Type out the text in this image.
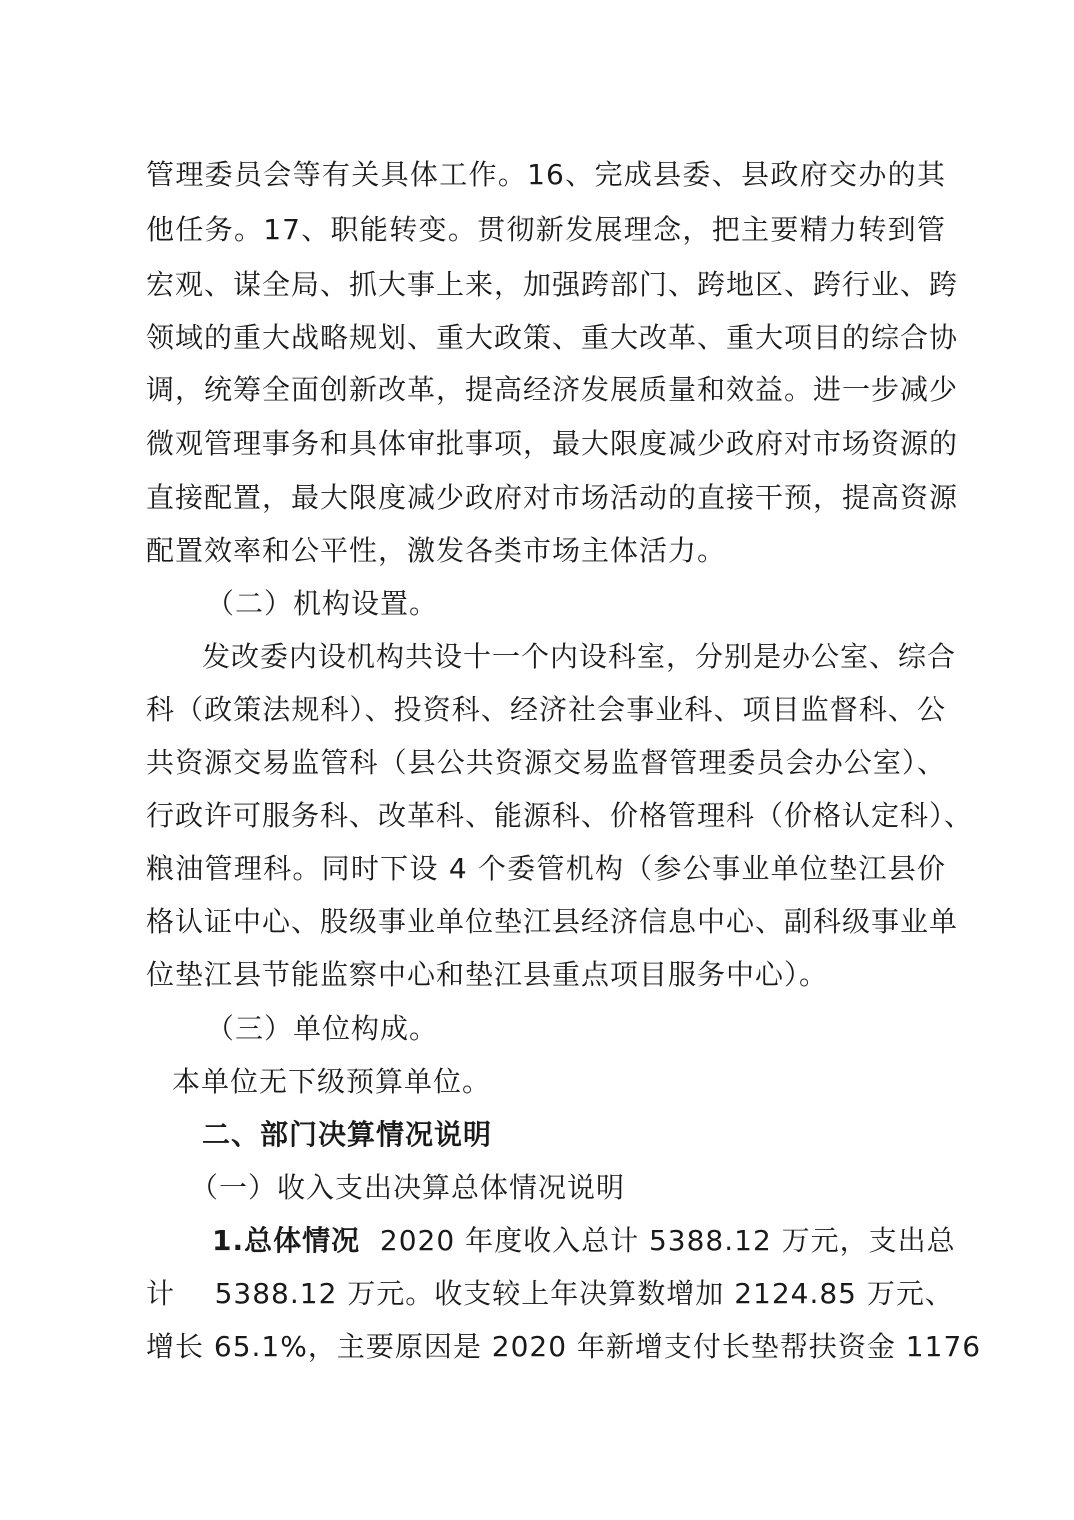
管理委员会等有关具体工作。16、完成县委、县政府交办的其
他任务。17、职能转变。贯彻新发展理念，把主要精力转到管
宏观、谋全局、抓大事上来，加强跨部门、跨地区、跨行业、跨
领域的重大战略规划、重大政策、重大改革、重大项目的综合协
调，统筹全面创新改革，提高经济发展质量和效益。进一步减少
微观管理事务和具体审批事项，最大限度减少政府对市场资源的
直接配置，最大限度减少政府对市场活动的直接干预，提高资源
配置效率和公平性，激发各类市场主体活力。
（二）机构设置。
发改委内设机构共设十一个内设科室，分别是办公室、综合
科（政策法规科）、投资科、经济社会事业科、项目监督科、公
共资源交易监管科（县公共资源交易监督管理委员会办公室）、
行政许可服务科、改革科、能源科、价格管理科（价格认定科）、
粮油管理科。同时下设 4 个委管机构（参公事业单位垫江县价
格认证中心、股级事业单位垫江县经济信息中心、副科级事业单
位垫江县节能监察中心和垫江县重点项目服务中心）。
（三）单位构成。
本单位无下级预算单位。
二、部门决算情况说明
（一）收入支出决算总体情况说明
1.总体情况  2020 年度收入总计 5388.12 万元，支出总
计    5388.12 万元。收支较上年决算数增加 2124.85 万元、
增长 65.1%，主要原因是 2020 年新增支付长垫帮扶资金 1176
